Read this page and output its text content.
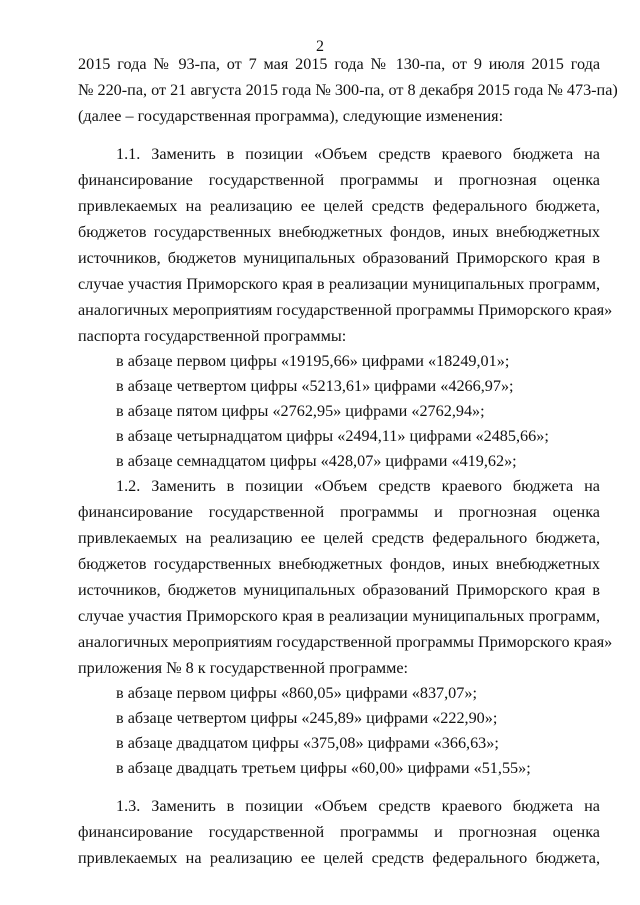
2
2015 года № 93-па, от 7 мая 2015 года № 130-па, от 9 июля 2015 года
№ 220-па, от 21 августа 2015 года № 300-па, от 8 декабря 2015 года № 473-па)
(далее – государственная программа), следующие изменения:
1.1. Заменить в позиции «Объем средств краевого бюджета на
финансирование государственной программы и прогнозная оценка
привлекаемых на реализацию ее целей средств федерального бюджета,
бюджетов государственных внебюджетных фондов, иных внебюджетных
источников, бюджетов муниципальных образований Приморского края в
случае участия Приморского края в реализации муниципальных программ,
аналогичных мероприятиям государственной программы Приморского края»
паспорта государственной программы:
в абзаце первом цифры «19195,66» цифрами «18249,01»;
в абзаце четвертом цифры «5213,61» цифрами «4266,97»;
в абзаце пятом цифры «2762,95» цифрами «2762,94»;
в абзаце четырнадцатом цифры «2494,11» цифрами «2485,66»;
в абзаце семнадцатом цифры «428,07» цифрами «419,62»;
1.2. Заменить в позиции «Объем средств краевого бюджета на
финансирование государственной программы и прогнозная оценка
привлекаемых на реализацию ее целей средств федерального бюджета,
бюджетов государственных внебюджетных фондов, иных внебюджетных
источников, бюджетов муниципальных образований Приморского края в
случае участия Приморского края в реализации муниципальных программ,
аналогичных мероприятиям государственной программы Приморского края»
приложения № 8 к государственной программе:
в абзаце первом цифры «860,05» цифрами «837,07»;
в абзаце четвертом цифры «245,89» цифрами «222,90»;
в абзаце двадцатом цифры «375,08» цифрами «366,63»;
в абзаце двадцать третьем цифры «60,00» цифрами «51,55»;
1.3. Заменить в позиции «Объем средств краевого бюджета на
финансирование государственной программы и прогнозная оценка
привлекаемых на реализацию ее целей средств федерального бюджета,
